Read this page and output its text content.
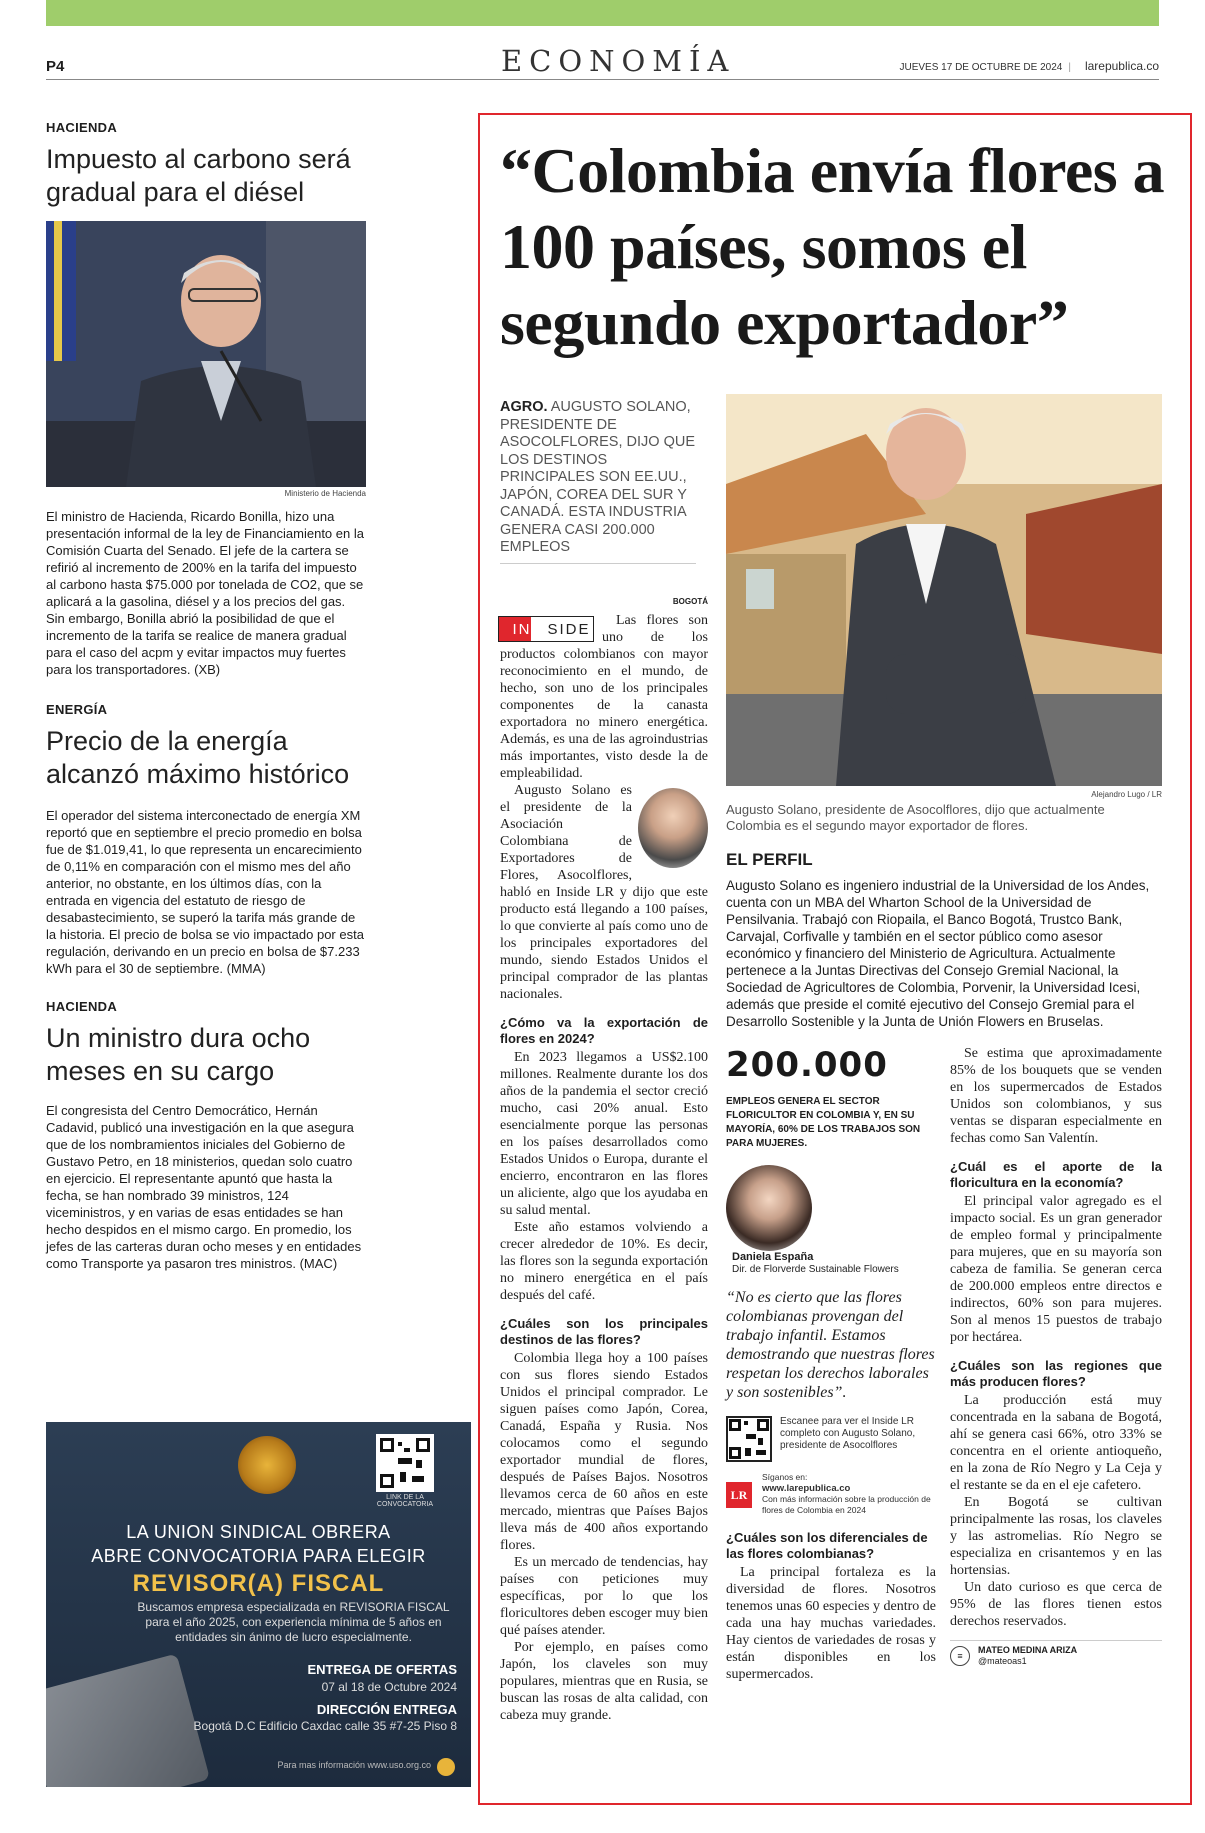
P4	ECONOMÍA	JUEVES 17 DE OCTUBRE DE 2024 | larepublica.co
HACIENDA
Impuesto al carbono será gradual para el diésel
Ministerio de Hacienda
El ministro de Hacienda, Ricardo Bonilla, hizo una presentación informal de la ley de Financiamiento en la Comisión Cuarta del Senado. El jefe de la cartera se refirió al incremento de 200% en la tarifa del impuesto al carbono hasta $75.000 por tonelada de CO2, que se aplicará a la gasolina, diésel y a los precios del gas. Sin embargo, Bonilla abrió la posibilidad de que el incremento de la tarifa se realice de manera gradual para el caso del acpm y evitar impactos muy fuertes para los transportadores. (XB)
ENERGÍA
Precio de la energía alcanzó máximo histórico
El operador del sistema interconectado de energía XM reportó que en septiembre el precio promedio en bolsa fue de $1.019,41, lo que representa un encarecimiento de 0,11% en comparación con el mismo mes del año anterior, no obstante, en los últimos días, con la entrada en vigencia del estatuto de riesgo de desabastecimiento, se superó la tarifa más grande de la historia. El precio de bolsa se vio impactado por esta regulación, derivando en un precio en bolsa de $7.233 kWh para el 30 de septiembre. (MMA)
HACIENDA
Un ministro dura ocho meses en su cargo
El congresista del Centro Democrático, Hernán Cadavid, publicó una investigación en la que asegura que de los nombramientos iniciales del Gobierno de Gustavo Petro, en 18 ministerios, quedan solo cuatro en ejercicio. El representante apuntó que hasta la fecha, se han nombrado 39 ministros, 124 viceministros, y en varias de esas entidades se han hecho despidos en el mismo cargo. En promedio, los jefes de las carteras duran ocho meses y en entidades como Transporte ya pasaron tres ministros. (MAC)
LINK DE LA CONVOCATORIA
LA UNION SINDICAL OBRERA
ABRE CONVOCATORIA PARA ELEGIR
REVISOR(A) FISCAL
Buscamos empresa especializada en REVISORIA FISCAL para el año 2025, con experiencia mínima de 5 años en entidades sin ánimo de lucro especialmente.
ENTREGA DE OFERTAS
07 al 18 de Octubre 2024
DIRECCIÓN ENTREGA
Bogotá D.C Edificio Caxdac calle 35 #7-25 Piso 8
Para mas información www.uso.org.co
“Colombia envía flores a 100 países, somos el segundo exportador”
AGRO. AUGUSTO SOLANO, PRESIDENTE DE ASOCOLFLORES, DIJO QUE LOS DESTINOS PRINCIPALES SON EE.UU., JAPÓN, COREA DEL SUR Y CANADÁ. ESTA INDUSTRIA GENERA CASI 200.000 EMPLEOS
Alejandro Lugo / LR
Augusto Solano, presidente de Asocolflores, dijo que actualmente Colombia es el segundo mayor exportador de flores.
BOGOTÁ

IN	SIDE Las flores son uno de los productos colombianos con mayor reconocimiento en el mundo, de hecho, son uno de los principales componentes de la canasta exportadora no minero energética. Además, es una de las agroindustrias más importantes, visto desde la de empleabilidad.

Augusto Solano es el presidente de la Asociación Colombiana de Exportadores de Flores, Asocolflores, habló en Inside LR y dijo que este producto está llegando a 100 países, lo que convierte al país como uno de los principales exportadores del mundo, siendo Estados Unidos el principal comprador de las plantas nacionales.

¿Cómo va la exportación de flores en 2024?

En 2023 llegamos a US$2.100 millones. Realmente durante los dos años de la pandemia el sector creció mucho, casi 20% anual. Esto esencialmente porque las personas en los países desarrollados como Estados Unidos o Europa, durante el encierro, encontraron en las flores un aliciente, algo que los ayudaba en su salud mental.

Este año estamos volviendo a crecer alrededor de 10%. Es decir, las flores son la segunda exportación no minero energética en el país después del café.

¿Cuáles son los principales destinos de las flores?

Colombia llega hoy a 100 países con sus flores siendo Estados Unidos el principal comprador. Le siguen países como Japón, Corea, Canadá, España y Rusia. Nos colocamos como el segundo exportador mundial de flores, después de Países Bajos. Nosotros llevamos cerca de 60 años en este mercado, mientras que Países Bajos lleva más de 400 años exportando flores.

Es un mercado de tendencias, hay países con peticiones muy específicas, por lo que los floricultores deben escoger muy bien qué países atender.

Por ejemplo, en países como Japón, los claveles son muy populares, mientras que en Rusia, se buscan las rosas de alta calidad, con cabeza muy grande.

EL PERFIL
Augusto Solano es ingeniero industrial de la Universidad de los Andes, cuenta con un MBA del Wharton School de la Universidad de Pensilvania. Trabajó con Riopaila, el Banco Bogotá, Trustco Bank, Carvajal, Corfivalle y también en el sector público como asesor económico y financiero del Ministerio de Agricultura. Actualmente pertenece a la Juntas Directivas del Consejo Gremial Nacional, la Sociedad de Agricultores de Colombia, Porvenir, la Universidad Icesi, además que preside el comité ejecutivo del Consejo Gremial para el Desarrollo Sostenible y la Junta de Unión Flowers en Bruselas.
200.000
EMPLEOS GENERA EL SECTOR FLORICULTOR EN COLOMBIA Y, EN SU MAYORÍA, 60% DE LOS TRABAJOS SON PARA MUJERES.
Daniela España
Dir. de Florverde Sustainable Flowers
“No es cierto que las flores colombianas provengan del trabajo infantil. Estamos demostrando que nuestras flores respetan los derechos laborales y son sostenibles”.
Escanee para ver el Inside LR completo con Augusto Solano, presidente de Asocolflores
LR
Síganos en:
www.larepublica.co
Con más información sobre la producción de flores de Colombia en 2024
¿Cuáles son los diferenciales de las flores colombianas?

La principal fortaleza es la diversidad de flores. Nosotros tenemos unas 60 especies y dentro de cada una hay muchas variedades. Hay cientos de variedades de rosas y están disponibles en los supermercados.

Se estima que aproximadamente 85% de los bouquets que se venden en los supermercados de Estados Unidos son colombianos, y sus ventas se disparan especialmente en fechas como San Valentín.

¿Cuál es el aporte de la floricultura en la economía?

El principal valor agregado es el impacto social. Es un gran generador de empleo formal y principalmente para mujeres, que en su mayoría son cabeza de familia. Se generan cerca de 200.000 empleos entre directos e indirectos, 60% son para mujeres. Son al menos 15 puestos de trabajo por hectárea.

¿Cuáles son las regiones que más producen flores?

La producción está muy concentrada en la sabana de Bogotá, ahí se genera casi 66%, otro 33% se concentra en el oriente antioqueño, en la zona de Río Negro y La Ceja y el restante se da en el eje cafetero.

En Bogotá se cultivan principalmente las rosas, los claveles y las astromelias. Río Negro se especializa en crisantemos y en las hortensias.

Un dato curioso es que cerca de 95% de las flores tienen estos derechos reservados.

≡
MATEO MEDINA ARIZA
@mateoas1
